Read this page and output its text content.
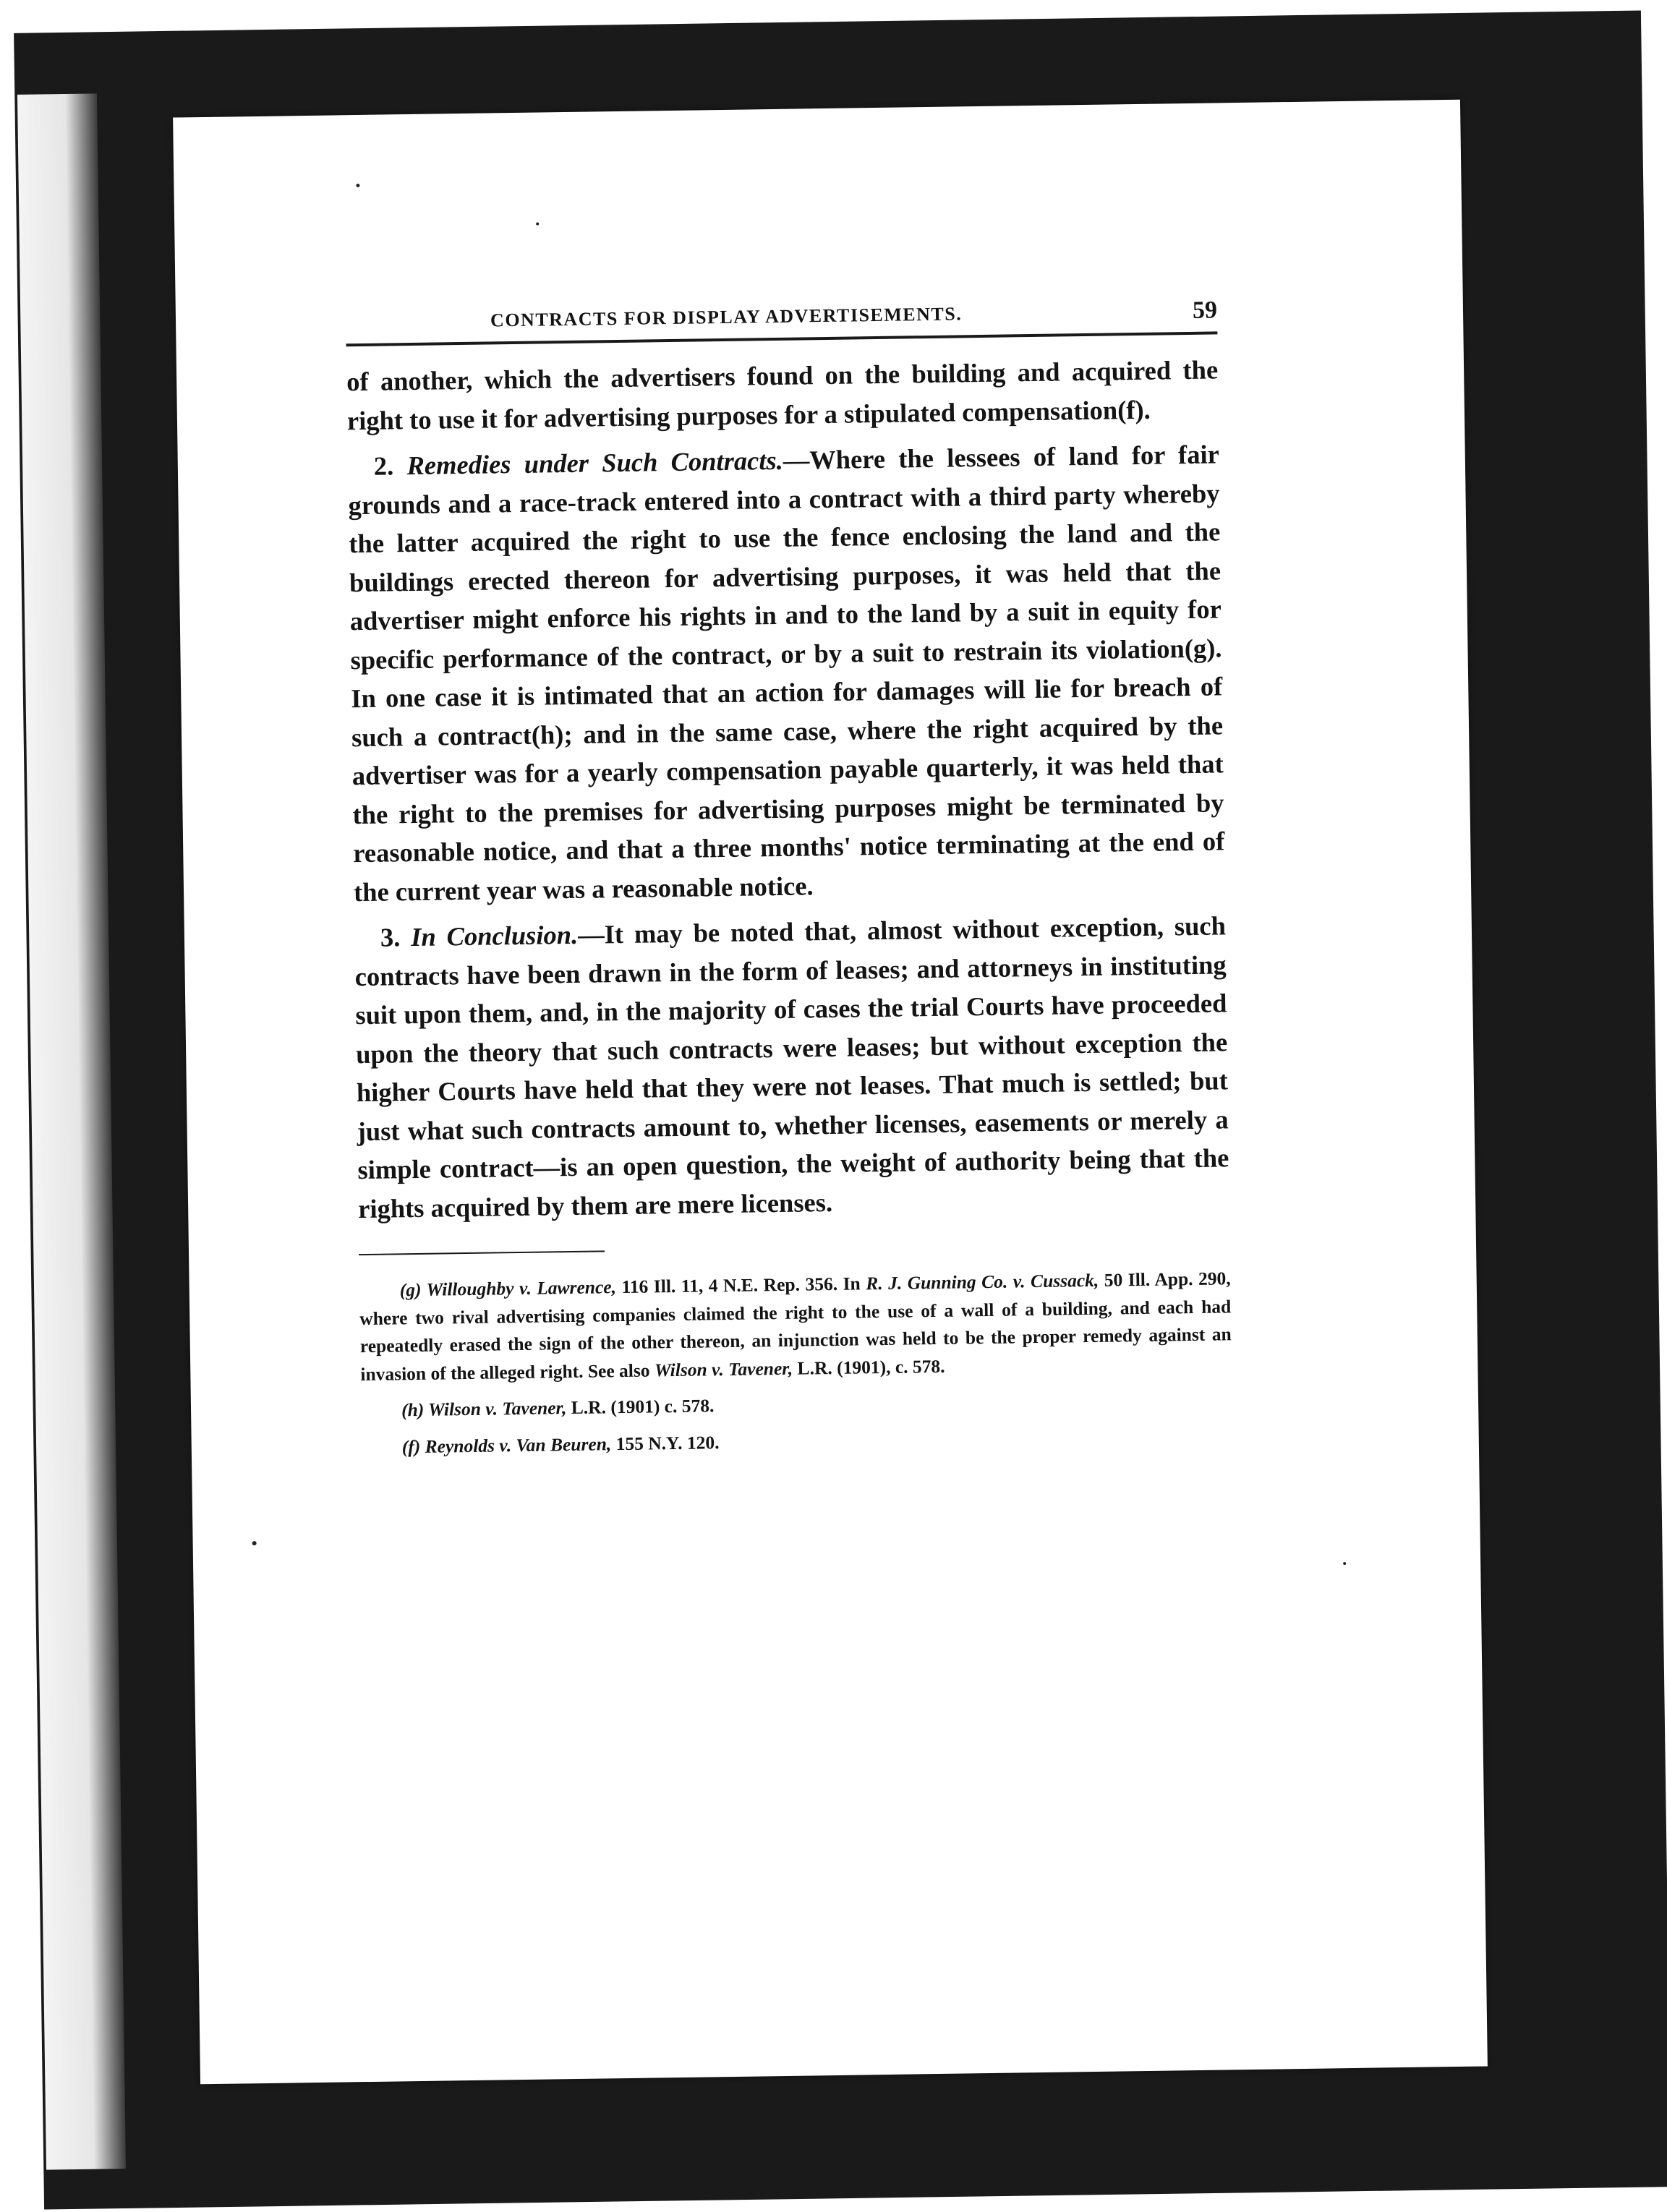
CONTRACTS FOR DISPLAY ADVERTISEMENTS.	59

of another, which the advertisers found on the building and acquired the right to use it for advertising purposes for a stipulated compensation(f).

2. Remedies under Such Contracts.—Where the lessees of land for fair grounds and a race-track entered into a contract with a third party whereby the latter acquired the right to use the fence enclosing the land and the buildings erected thereon for advertising purposes, it was held that the advertiser might enforce his rights in and to the land by a suit in equity for specific performance of the contract, or by a suit to restrain its violation(g). In one case it is intimated that an action for damages will lie for breach of such a contract(h); and in the same case, where the right acquired by the advertiser was for a yearly compensation payable quarterly, it was held that the right to the premises for advertising purposes might be terminated by reasonable notice, and that a three months' notice terminating at the end of the current year was a reasonable notice.

3. In Conclusion.—It may be noted that, almost without exception, such contracts have been drawn in the form of leases; and attorneys in instituting suit upon them, and, in the majority of cases the trial Courts have proceeded upon the theory that such contracts were leases; but without exception the higher Courts have held that they were not leases. That much is settled; but just what such contracts amount to, whether licenses, easements or merely a simple contract—is an open question, the weight of authority being that the rights acquired by them are mere licenses.

(g) Willoughby v. Lawrence, 116 Ill. 11, 4 N.E. Rep. 356. In R. J. Gunning Co. v. Cussack, 50 Ill. App. 290, where two rival advertising companies claimed the right to the use of a wall of a building, and each had repeatedly erased the sign of the other thereon, an injunction was held to be the proper remedy against an invasion of the alleged right. See also Wilson v. Tavener, L.R. (1901), c. 578.

(h) Wilson v. Tavener, L.R. (1901) c. 578.

(f) Reynolds v. Van Beuren, 155 N.Y. 120.
